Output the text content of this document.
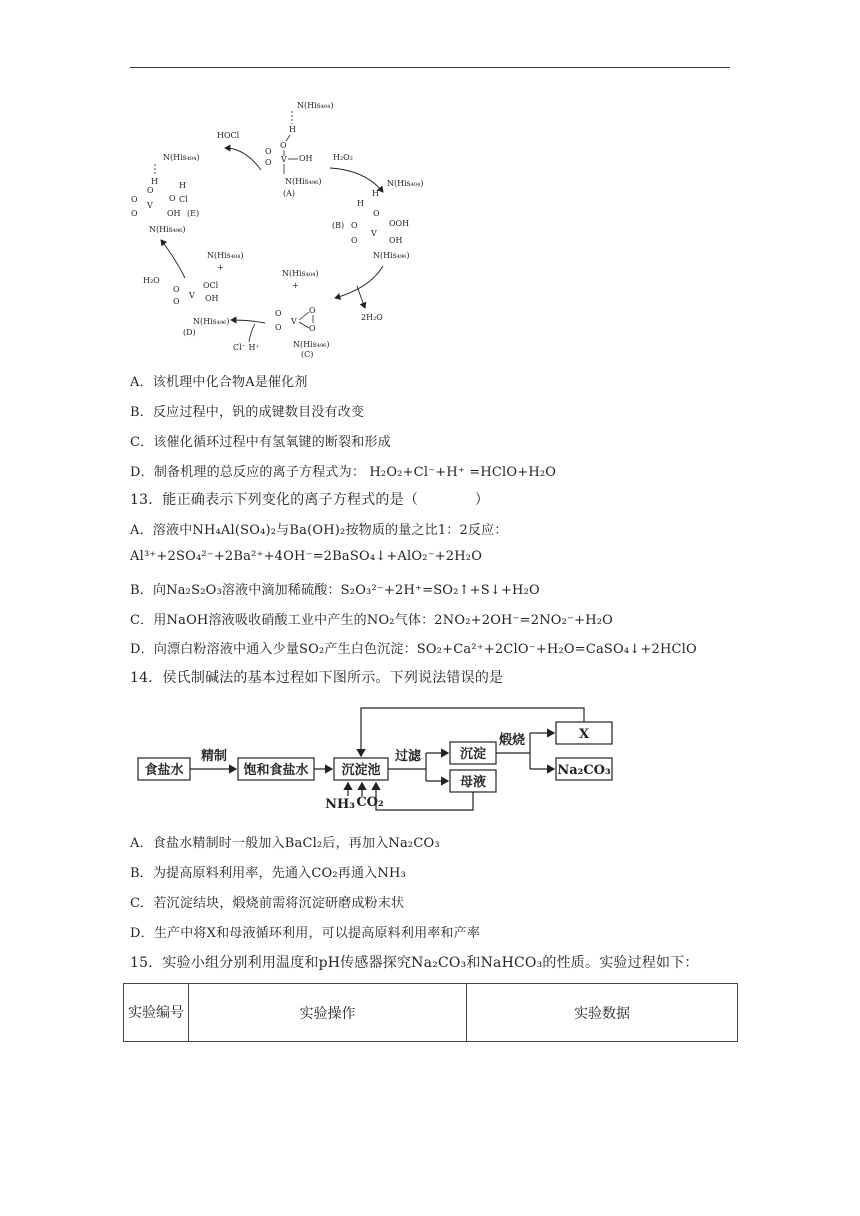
N(His₄₀₄)
H
O
O
O V OH
N(His₄₉₆)
(A)
HOCl
N(His₄₀₄)
H	H
O
O Cl
O
O
V
OH (E)
N(His₄₉₆)
H₂O₂
N(His₄₀₄)
H
H
O
(B) O
O
V
OOH
OH
N(His₄₉₆)
2H₂O
N(His₄₀₄)
+
O
O
V
O
O
N(His₄₉₆)
(C)
Cl⁻ H⁺
N(His₄₀₄)
+
OCl
O
O
V OH
N(His₄₉₆)
(D)
H₂O
A．该机理中化合物A是催化剂
B．反应过程中，钒的成键数目没有改变
C．该催化循环过程中有氢氧键的断裂和形成
D．制备机理的总反应的离子方程式为： H₂O₂+Cl⁻+H⁺ =HClO+H₂O
13．能正确表示下列变化的离子方程式的是（　　　　）
A．溶液中NH₄Al(SO₄)₂与Ba(OH)₂按物质的量之比1：2反应：
Al³⁺+2SO₄²⁻+2Ba²⁺+4OH⁻=2BaSO₄↓+AlO₂⁻+2H₂O
B．向Na₂S₂O₃溶液中滴加稀硫酸：S₂O₃²⁻+2H⁺=SO₂↑+S↓+H₂O
C．用NaOH溶液吸收硝酸工业中产生的NO₂气体：2NO₂+2OH⁻=2NO₂⁻+H₂O
D．向漂白粉溶液中通入少量SO₂产生白色沉淀：SO₂+Ca²⁺+2ClO⁻+H₂O=CaSO₄↓+2HClO
14．侯氏制碱法的基本过程如下图所示。下列说法错误的是
食盐水
精制
饱和食盐水	沉淀池
过滤	沉淀
母液
煅烧	X
Na₂CO₃
NH₃ CO₂
A．食盐水精制时一般加入BaCl₂后，再加入Na₂CO₃
B．为提高原料利用率，先通入CO₂再通入NH₃
C．若沉淀结块，煅烧前需将沉淀研磨成粉末状
D．生产中将X和母液循环利用，可以提高原料利用率和产率
15．实验小组分别利用温度和pH传感器探究Na₂CO₃和NaHCO₃的性质。实验过程如下：
实验编号	实验操作	实验数据
